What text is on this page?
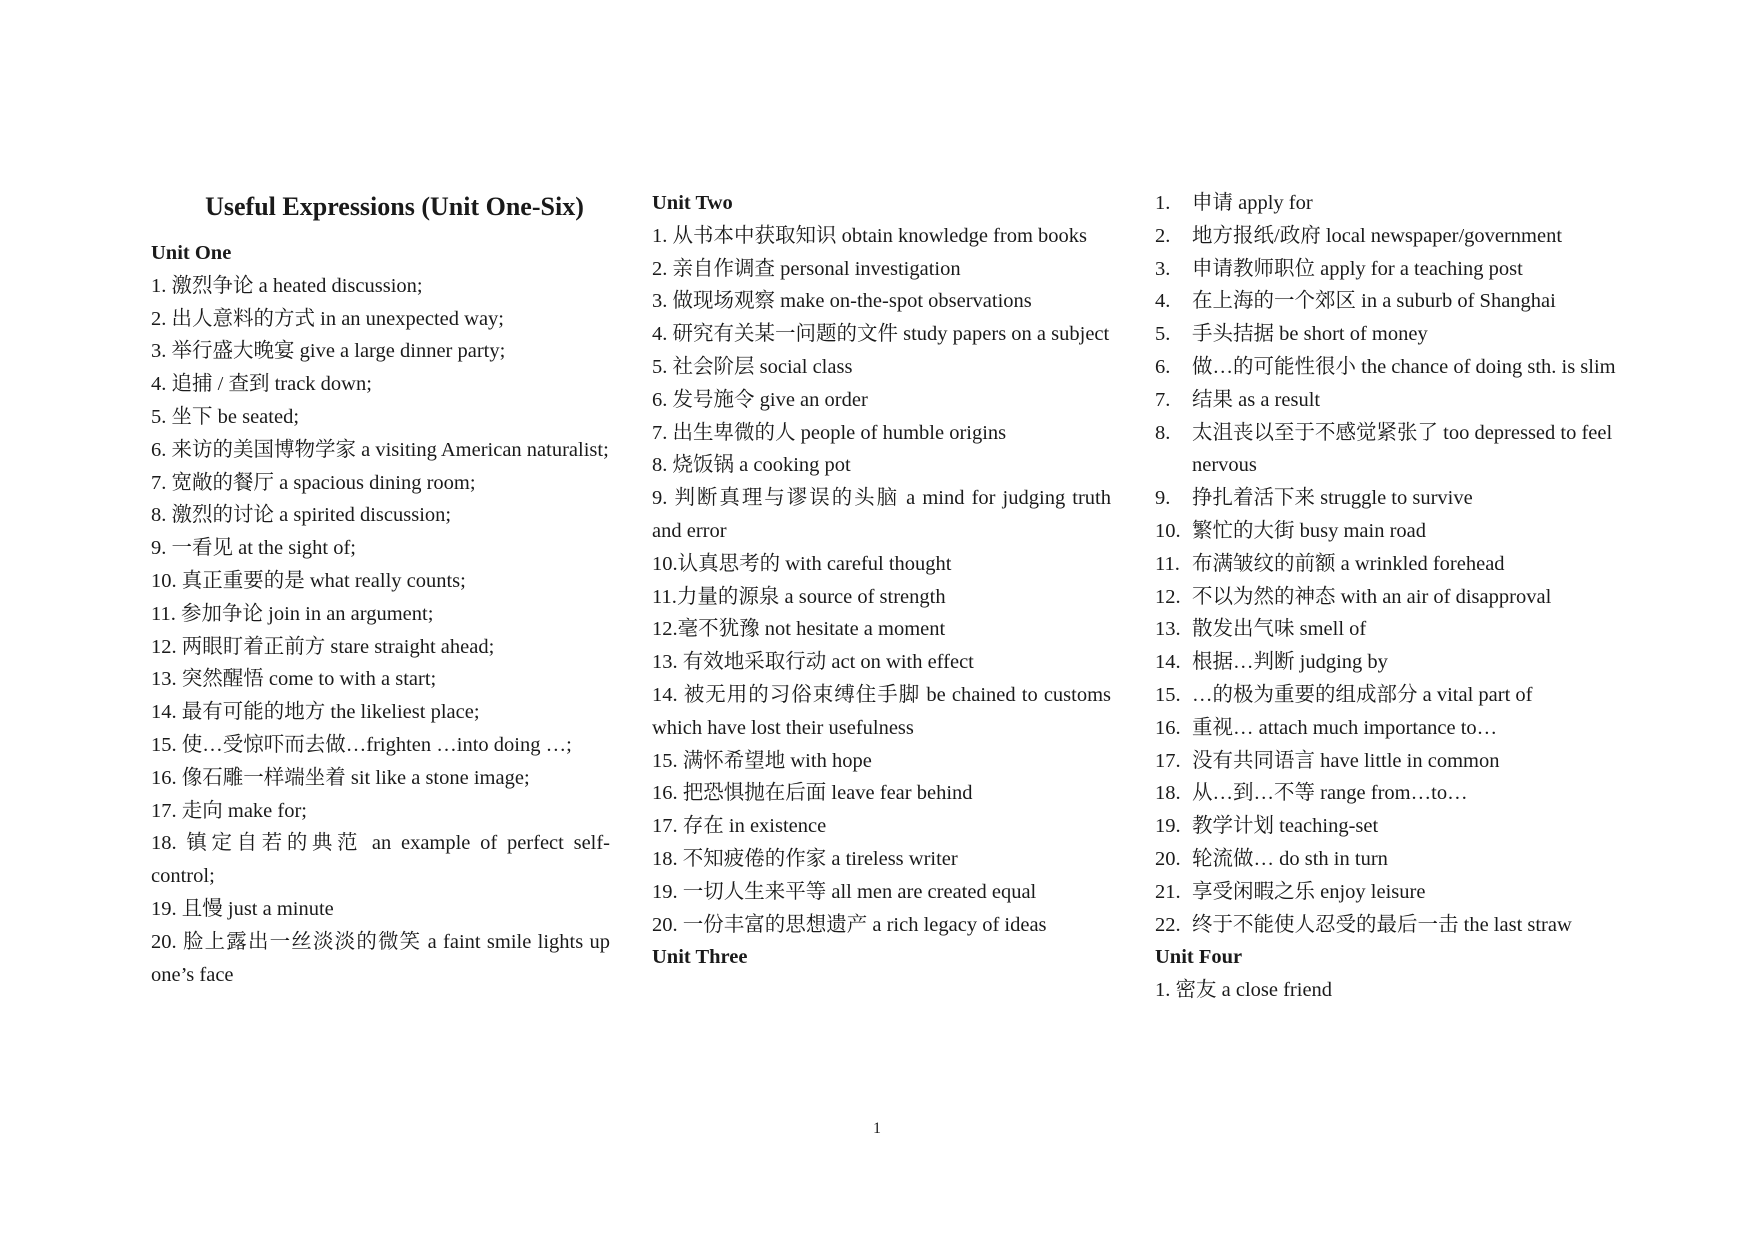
Useful Expressions (Unit One-Six)
Unit One
1. 激烈争论 a heated discussion;
2. 出人意料的方式 in an unexpected way;
3. 举行盛大晚宴 give a large dinner party;
4. 追捕 / 查到 track down;
5. 坐下 be seated;
6. 来访的美国博物学家 a visiting American naturalist;
7. 宽敞的餐厅 a spacious dining room;
8. 激烈的讨论 a spirited discussion;
9. 一看见 at the sight of;
10. 真正重要的是 what really counts;
11. 参加争论 join in an argument;
12. 两眼盯着正前方 stare straight ahead;
13. 突然醒悟 come to with a start;
14. 最有可能的地方 the likeliest place;
15. 使…受惊吓而去做…frighten …into doing …;
16. 像石雕一样端坐着 sit like a stone image;
17. 走向 make for;
18. 镇定自若的典范 an example of perfect self-control;
19. 且慢 just a minute
20. 脸上露出一丝淡淡的微笑 a faint smile lights up one’s face
Unit Two
1. 从书本中获取知识 obtain knowledge from books
2. 亲自作调查 personal investigation
3. 做现场观察 make on-the-spot observations
4. 研究有关某一问题的文件 study papers on a subject
5. 社会阶层 social class
6. 发号施令 give an order
7. 出生卑微的人 people of humble origins
8. 烧饭锅 a cooking pot
9. 判断真理与谬误的头脑 a mind for judging truth and error
10.认真思考的 with careful thought
11.力量的源泉 a source of strength
12.毫不犹豫 not hesitate a moment
13. 有效地采取行动 act on with effect
14. 被无用的习俗束缚住手脚 be chained to customs which have lost their usefulness
15. 满怀希望地 with hope
16. 把恐惧抛在后面 leave fear behind
17. 存在 in existence
18. 不知疲倦的作家 a tireless writer
19. 一切人生来平等 all men are created equal
20. 一份丰富的思想遗产 a rich legacy of ideas
Unit Three
1. 申请 apply for
2. 地方报纸/政府 local newspaper/government
3. 申请教师职位 apply for a teaching post
4. 在上海的一个郊区 in a suburb of Shanghai
5. 手头拮据 be short of money
6. 做…的可能性很小 the chance of doing sth. is slim
7. 结果 as a result
8. 太沮丧以至于不感觉紧张了 too depressed to feel nervous
9. 挣扎着活下来 struggle to survive
10. 繁忙的大街 busy main road
11. 布满皱纹的前额 a wrinkled forehead
12. 不以为然的神态 with an air of disapproval
13. 散发出气味 smell of
14. 根据…判断 judging by
15. …的极为重要的组成部分 a vital part of
16. 重视… attach much importance to…
17. 没有共同语言 have little in common
18. 从…到…不等 range from…to…
19. 教学计划 teaching-set
20. 轮流做… do sth in turn
21. 享受闲暇之乐 enjoy leisure
22. 终于不能使人忍受的最后一击 the last straw
Unit Four
1. 密友 a close friend
1
